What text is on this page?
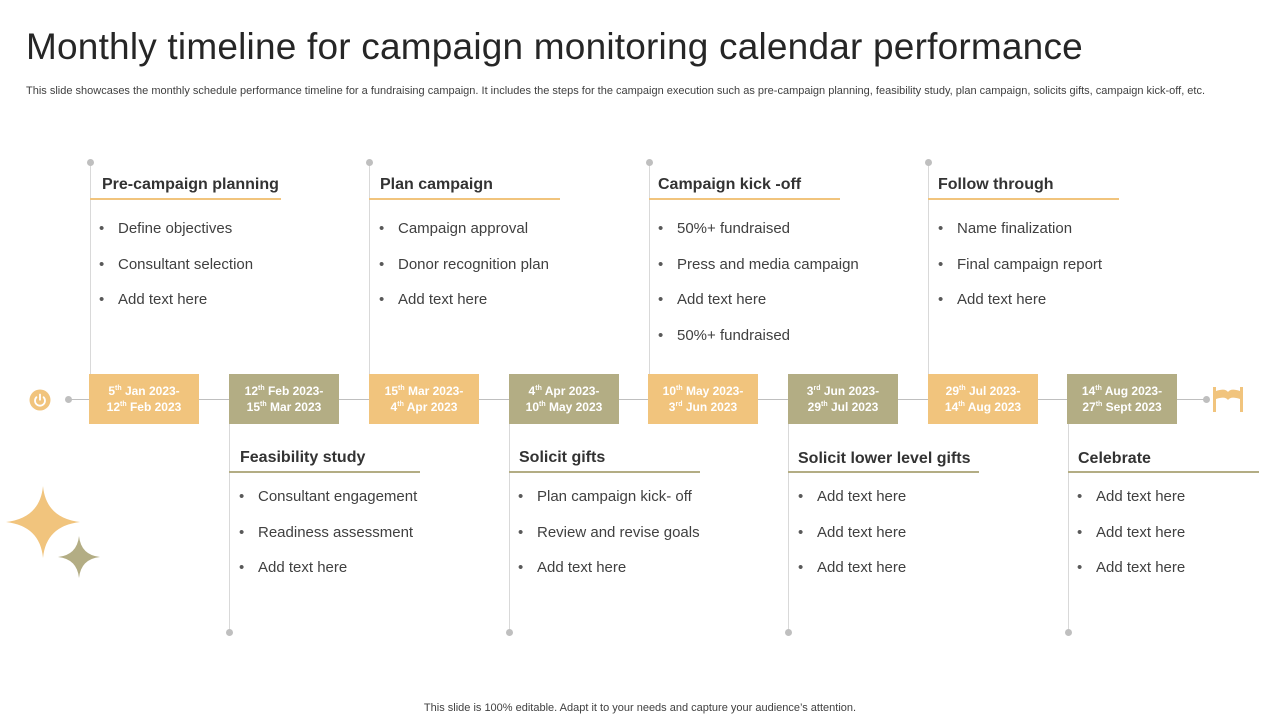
Monthly timeline for campaign monitoring calendar performance
This slide showcases the monthly schedule performance timeline for a fundraising campaign. It includes the steps for the campaign execution such as pre-campaign planning, feasibility study, plan campaign, solicits gifts, campaign kick-off, etc.
5th Jan 2023-
12th Feb 2023
12th Feb 2023-
15th Mar 2023
15th Mar 2023-
4th Apr 2023
4th Apr 2023-
10th May 2023
10th May 2023-
3rd Jun 2023
3rd Jun 2023-
29th Jul 2023
29th Jul 2023-
14th Aug 2023
14th Aug 2023-
27th Sept 2023
Pre-campaign planning
• Define objectives
• Consultant selection
• Add text here
Plan campaign
• Campaign approval
• Donor recognition plan
• Add text here
Campaign kick -off
• 50%+ fundraised
• Press and media campaign
• Add text here
• 50%+ fundraised
Follow through
• Name finalization
• Final campaign report
• Add text here
Feasibility study
• Consultant engagement
• Readiness assessment
• Add text here
Solicit gifts
• Plan campaign kick- off
• Review and revise goals
• Add text here
Solicit lower level gifts
• Add text here
• Add text here
• Add text here
Celebrate
• Add text here
• Add text here
• Add text here
This slide is 100% editable. Adapt it to your needs and capture your audience’s attention.
